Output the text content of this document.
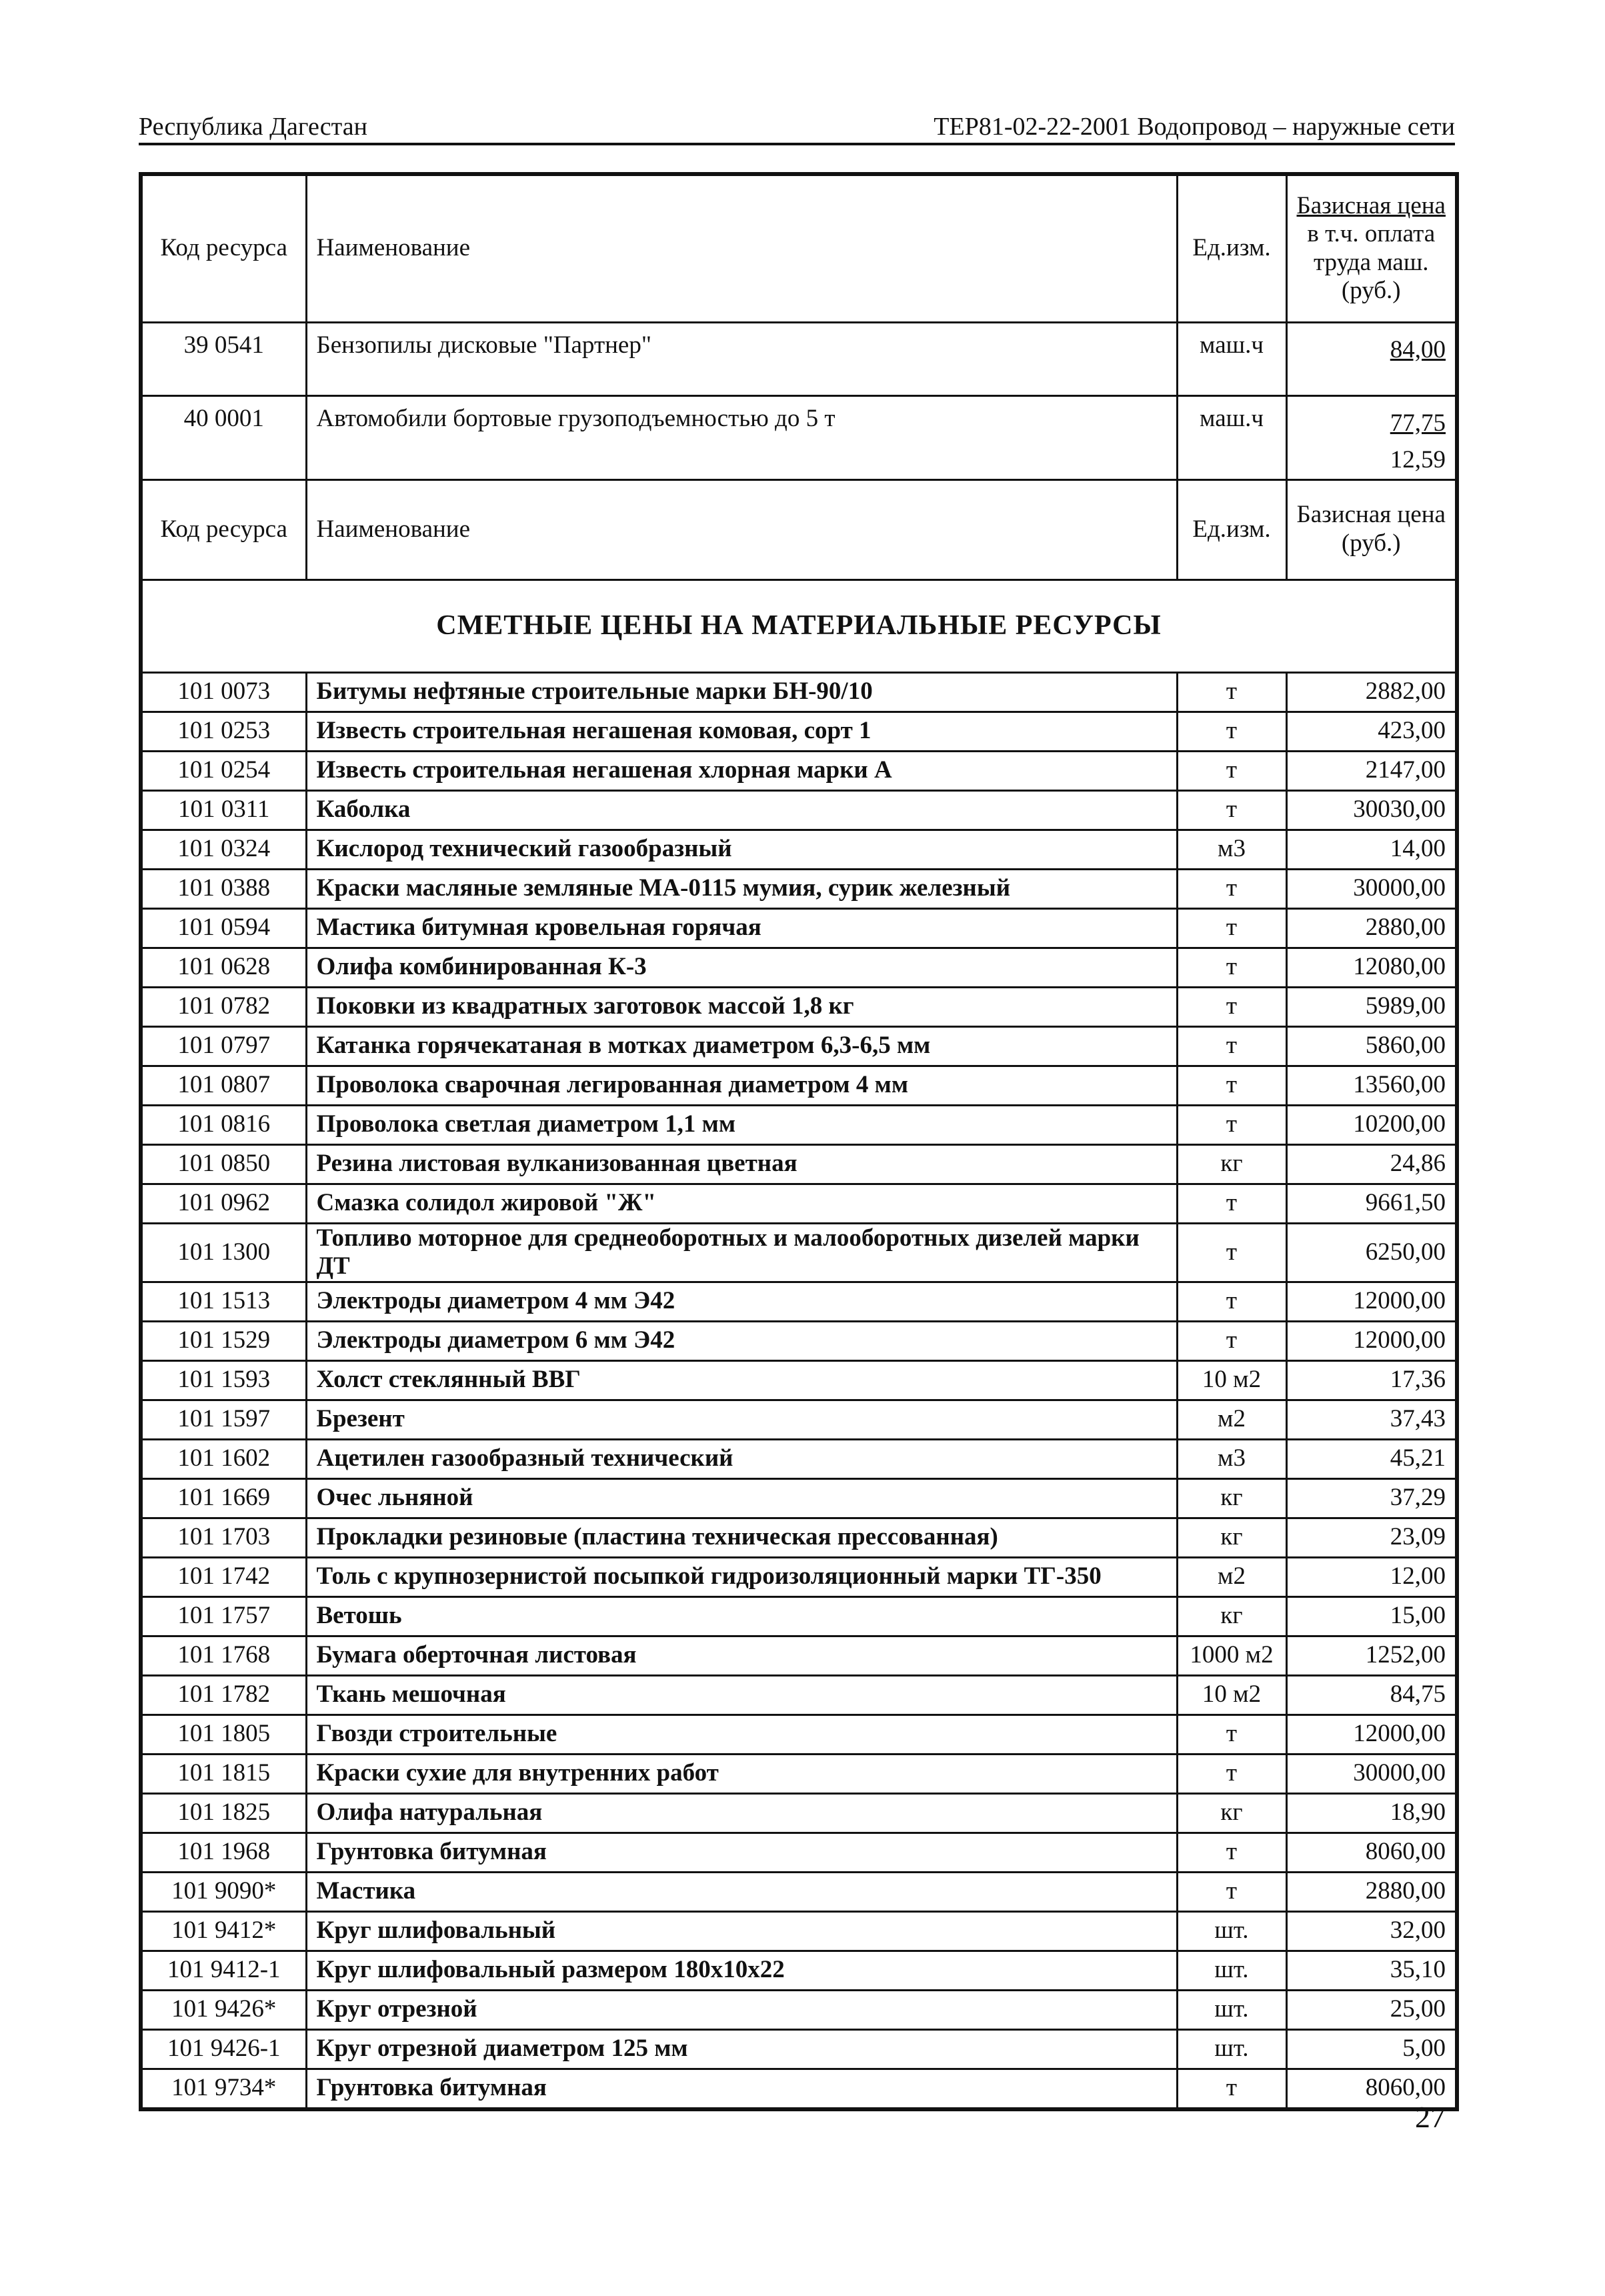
Республика Дагестан	ТЕР81-02-22-2001 Водопровод – наружные сети
Код ресурса	Наименование	Ед.изм.	Базисная цена
в т.ч. оплата
труда маш.
(руб.)

39 0541	Бензопилы дисковые "Партнер"	маш.ч	84,00

40 0001	Автомобили бортовые грузоподъемностью до 5 т	маш.ч	77,75
12,59

Код ресурса	Наименование	Ед.изм.	Базисная цена (руб.)
СМЕТНЫЕ ЦЕНЫ НА МАТЕРИАЛЬНЫЕ РЕСУРСЫ			
101 0073	Битумы нефтяные строительные марки БН-90/10	т	2882,00
101 0253	Известь строительная негашеная комовая, сорт 1	т	423,00
101 0254	Известь строительная негашеная хлорная марки А	т	2147,00
101 0311	Каболка	т	30030,00
101 0324	Кислород технический газообразный	м3	14,00
101 0388	Краски масляные земляные МА-0115 мумия, сурик железный	т	30000,00
101 0594	Мастика битумная кровельная горячая	т	2880,00
101 0628	Олифа комбинированная К-3	т	12080,00
101 0782	Поковки из квадратных заготовок массой 1,8 кг	т	5989,00
101 0797	Катанка горячекатаная в мотках диаметром 6,3-6,5 мм	т	5860,00
101 0807	Проволока сварочная легированная диаметром 4 мм	т	13560,00
101 0816	Проволока светлая диаметром 1,1 мм	т	10200,00
101 0850	Резина листовая вулканизованная цветная	кг	24,86
101 0962	Смазка солидол жировой "Ж"	т	9661,50
101 1300	Топливо моторное для среднеоборотных и малооборотных дизелей марки ДТ	т	6250,00
101 1513	Электроды диаметром 4 мм Э42	т	12000,00
101 1529	Электроды диаметром 6 мм Э42	т	12000,00
101 1593	Холст стеклянный ВВГ	10 м2	17,36
101 1597	Брезент	м2	37,43
101 1602	Ацетилен газообразный технический	м3	45,21
101 1669	Очес льняной	кг	37,29
101 1703	Прокладки резиновые (пластина техническая прессованная)	кг	23,09
101 1742	Толь с крупнозернистой посыпкой гидроизоляционный марки ТГ-350	м2	12,00
101 1757	Ветошь	кг	15,00
101 1768	Бумага оберточная листовая	1000 м2	1252,00
101 1782	Ткань мешочная	10 м2	84,75
101 1805	Гвозди строительные	т	12000,00
101 1815	Краски сухие для внутренних работ	т	30000,00
101 1825	Олифа натуральная	кг	18,90
101 1968	Грунтовка битумная	т	8060,00
101 9090*	Мастика	т	2880,00
101 9412*	Круг шлифовальный	шт.	32,00
101 9412-1	Круг шлифовальный размером 180х10х22	шт.	35,10
101 9426*	Круг отрезной	шт.	25,00
101 9426-1	Круг отрезной диаметром 125 мм	шт.	5,00
101 9734*	Грунтовка битумная	т	8060,00
27
